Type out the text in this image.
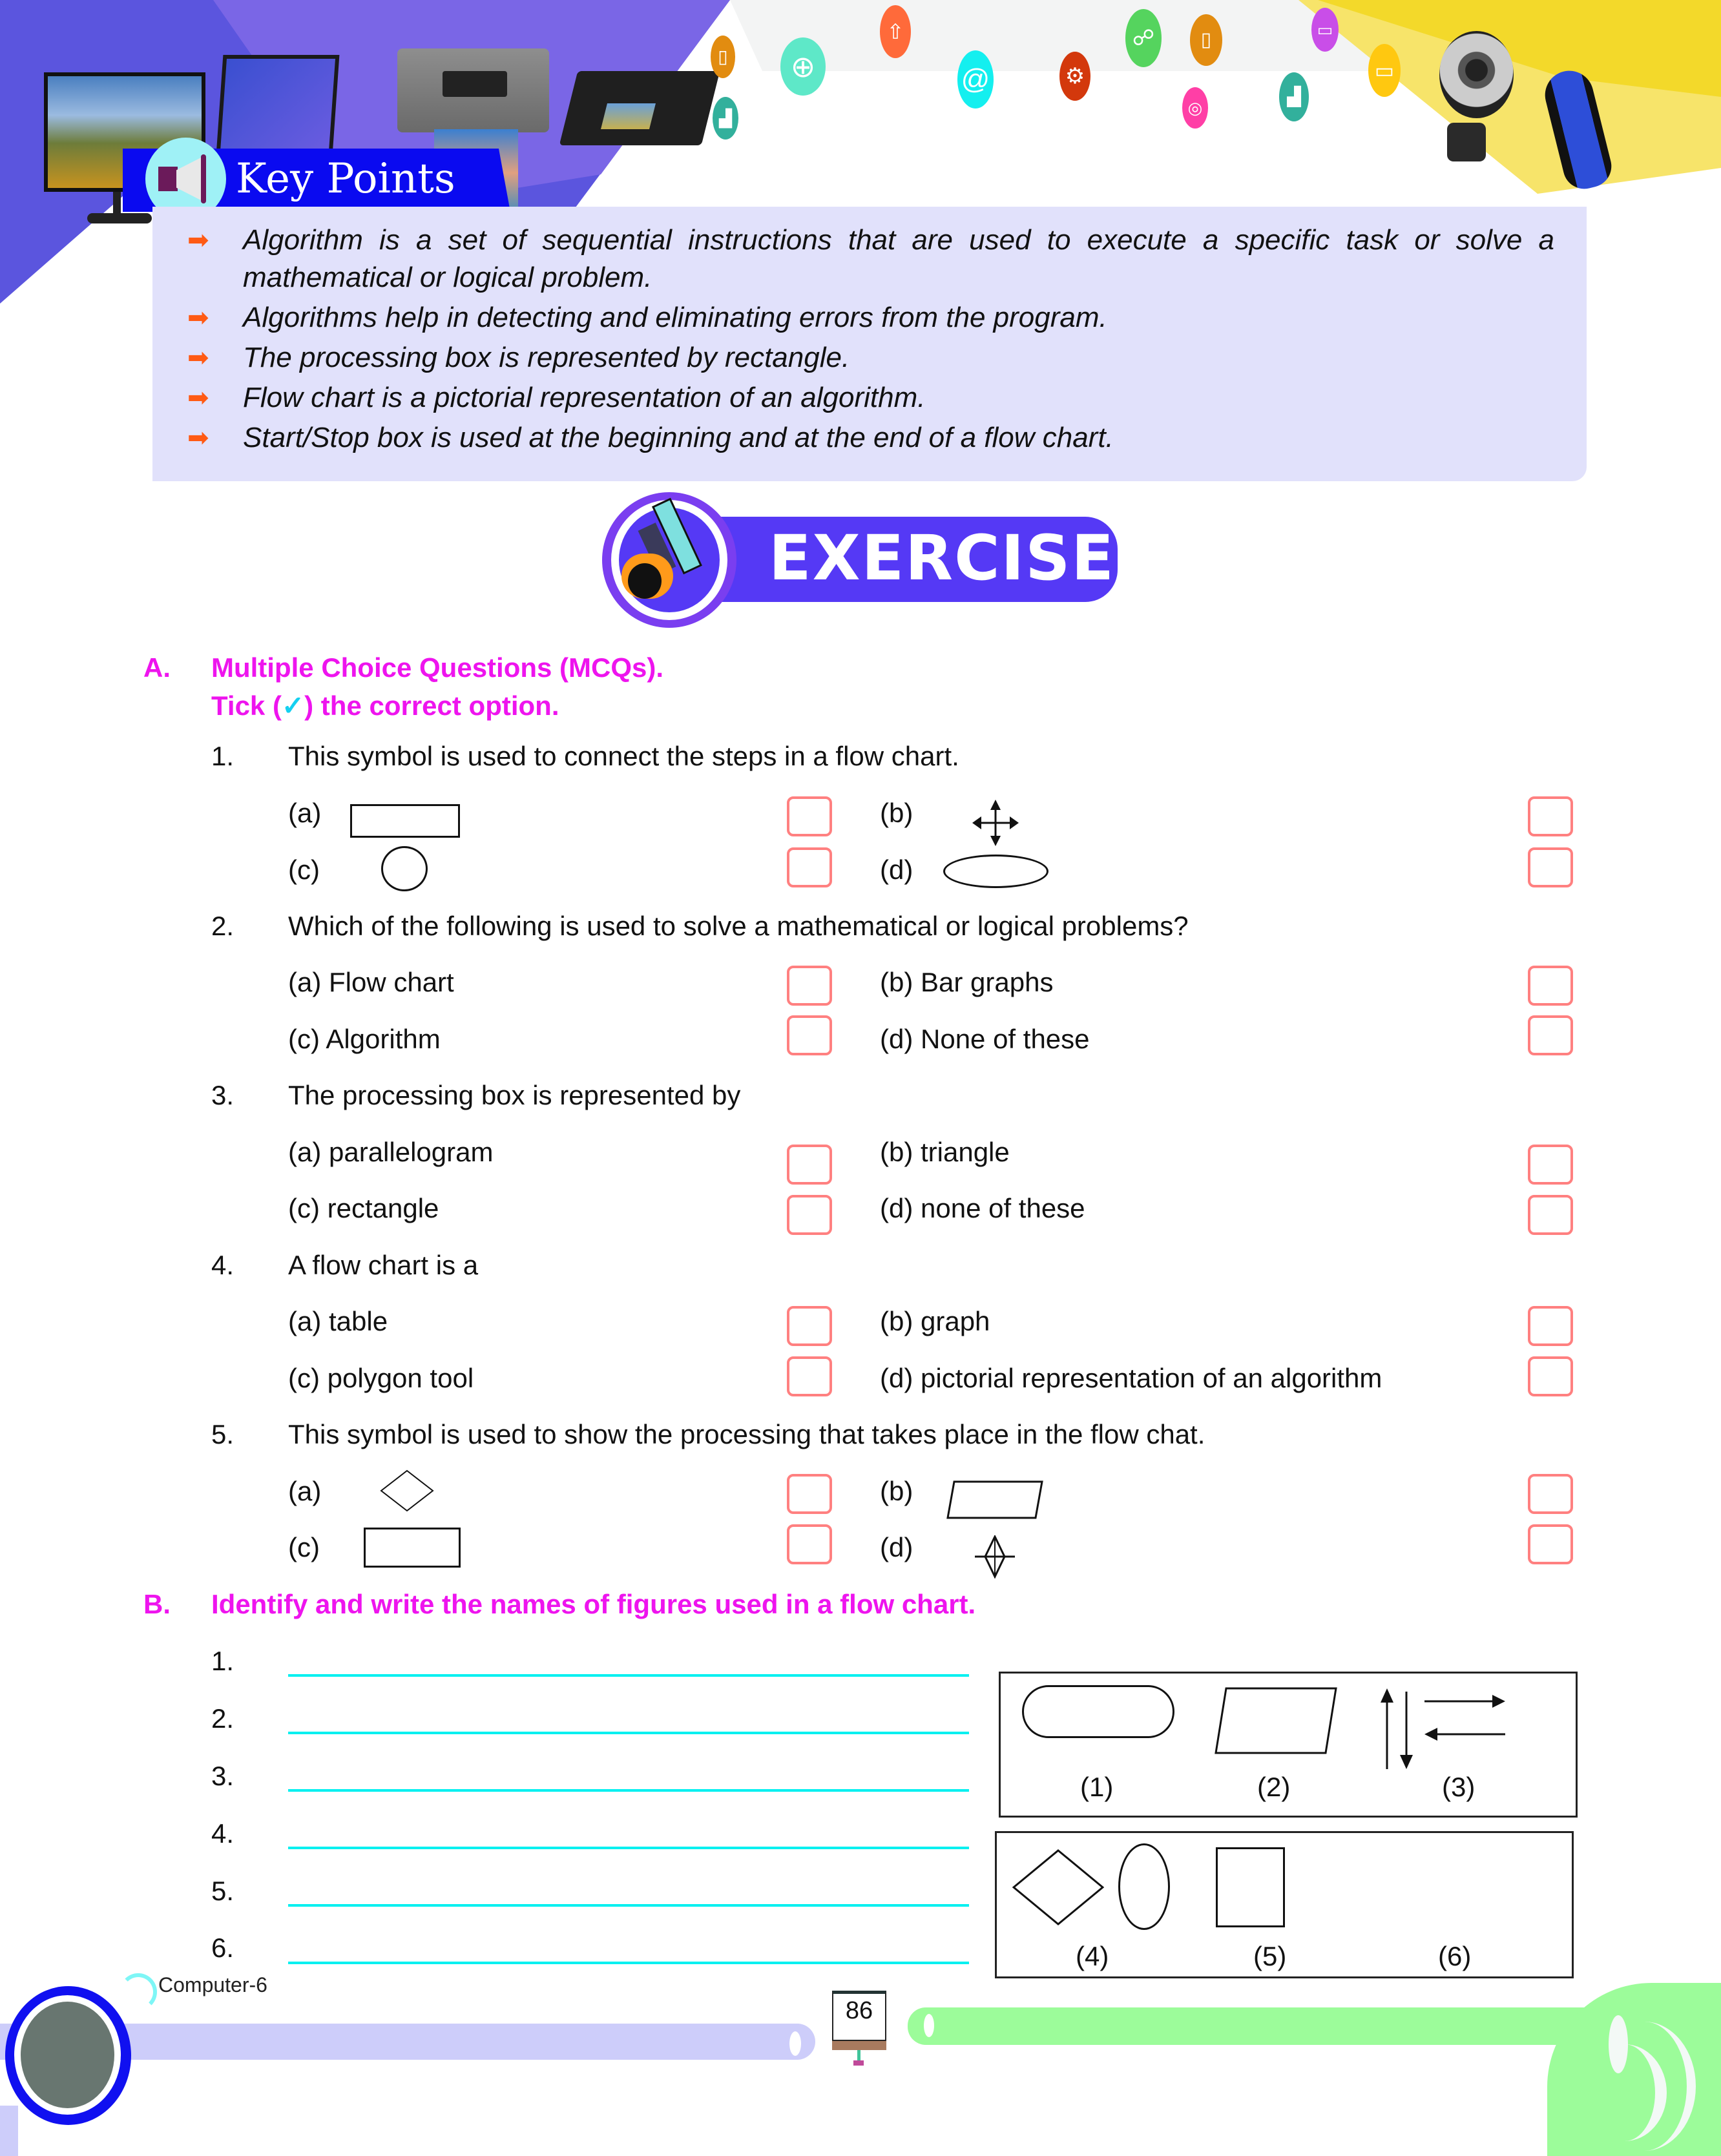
▯	⊕
▟
⇧
@	⚙
☍	▯
◎
▟
▭
▭
Key Points
➡ Algorithm is a set of sequential instructions that are used to execute a specific task or solve a
mathematical or logical problem.
➡ Algorithms help in detecting and eliminating errors from the program.
➡ The processing box is represented by rectangle.
➡ Flow chart is a pictorial representation of an algorithm.
➡ Start/Stop box is used at the beginning and at the end of a flow chart.
EXERCISE
A. Multiple Choice Questions (MCQs).
Tick (✓) the correct option.
1. This symbol is used to connect the steps in a flow chart.
(a)	(b)
(c)	(d)
2. Which of the following is used to solve a mathematical or logical problems?
(a) Flow chart	(b) Bar graphs
(c) Algorithm	(d) None of these
3. The processing box is represented by
(a) parallelogram	(b) triangle
(c) rectangle	(d) none of these
4. A flow chart is a
(a) table	(b) graph
(c) polygon tool	(d) pictorial representation of an algorithm
5. This symbol is used to show the processing that takes place in the flow chat.
(a)	(b)
(c)	(d)
B. Identify and write the names of figures used in a flow chart.
1.
2.
3.
4.
5.
6.
(1)	(2)	(3)
(4)	(5)	(6)
Computer-6
86
